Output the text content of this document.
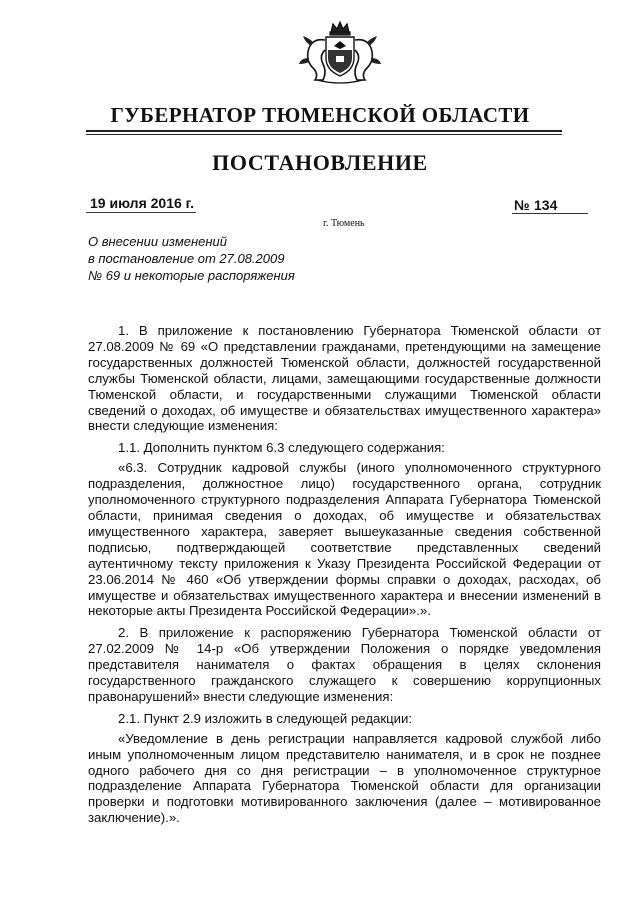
ГУБЕРНАТОР ТЮМЕНСКОЙ ОБЛАСТИ
ПОСТАНОВЛЕНИЕ
19 июля 2016 г.	№ 134
г. Тюмень
О внесении изменений
в постановление от 27.08.2009
№ 69 и некоторые распоряжения

1. В приложение к постановлению Губернатора Тюменской области от 27.08.2009 № 69 «О представлении гражданами, претендующими на замещение государственных должностей Тюменской области, должностей государственной службы Тюменской области, лицами, замещающими государственные должности Тюменской области, и государственными служащими Тюменской области сведений о доходах, об имуществе и обязательствах имущественного характера» внести следующие изменения:

1.1. Дополнить пунктом 6.3 следующего содержания:

«6.3. Сотрудник кадровой службы (иного уполномоченного структурного подразделения, должностное лицо) государственного органа, сотрудник уполномоченного структурного подразделения Аппарата Губернатора Тюменской области, принимая сведения о доходах, об имуществе и обязательствах имущественного характера, заверяет вышеуказанные сведения собственной подписью, подтверждающей соответствие представленных сведений аутентичному тексту приложения к Указу Президента Российской Федерации от 23.06.2014 № 460 «Об утверждении формы справки о доходах, расходах, об имуществе и обязательствах имущественного характера и внесении изменений в некоторые акты Президента Российской Федерации».».

2. В приложение к распоряжению Губернатора Тюменской области от 27.02.2009 № 14-р «Об утверждении Положения о порядке уведомления представителя нанимателя о фактах обращения в целях склонения государственного гражданского служащего к совершению коррупционных правонарушений» внести следующие изменения:

2.1. Пункт 2.9 изложить в следующей редакции:

«Уведомление в день регистрации направляется кадровой службой либо иным уполномоченным лицом представителю нанимателя, и в срок не позднее одного рабочего дня со дня регистрации – в уполномоченное структурное подразделение Аппарата Губернатора Тюменской области для организации проверки и подготовки мотивированного заключения (далее – мотивированное заключение).».
